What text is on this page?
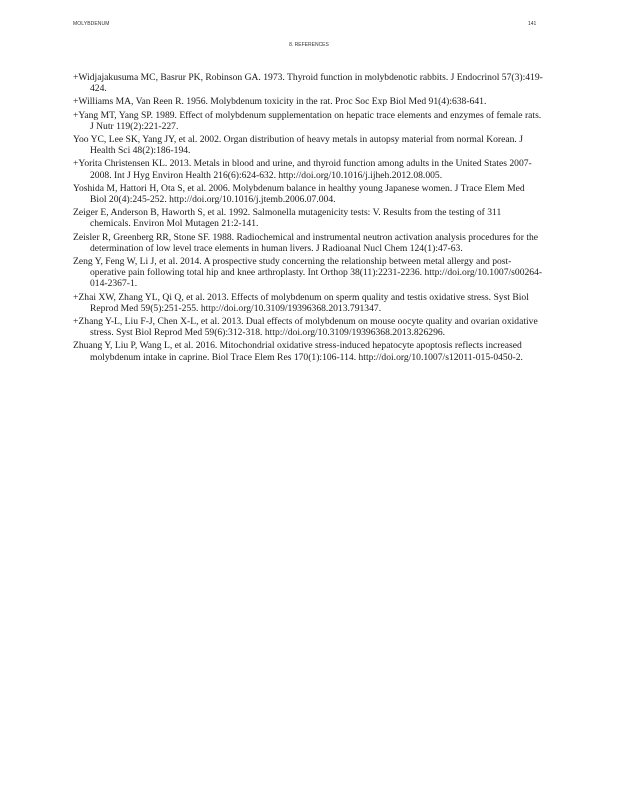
MOLYBDENUM	141
8. REFERENCES
+Widjajakusuma MC, Basrur PK, Robinson GA. 1973. Thyroid function in molybdenotic rabbits. J Endocrinol 57(3):419-424.
+Williams MA, Van Reen R. 1956. Molybdenum toxicity in the rat. Proc Soc Exp Biol Med 91(4):638-641.
+Yang MT, Yang SP. 1989. Effect of molybdenum supplementation on hepatic trace elements and enzymes of female rats. J Nutr 119(2):221-227.
Yoo YC, Lee SK, Yang JY, et al. 2002. Organ distribution of heavy metals in autopsy material from normal Korean. J Health Sci 48(2):186-194.
+Yorita Christensen KL. 2013. Metals in blood and urine, and thyroid function among adults in the United States 2007-2008. Int J Hyg Environ Health 216(6):624-632. http://doi.org/10.1016/j.ijheh.2012.08.005.
Yoshida M, Hattori H, Ota S, et al. 2006. Molybdenum balance in healthy young Japanese women. J Trace Elem Med Biol 20(4):245-252. http://doi.org/10.1016/j.jtemb.2006.07.004.
Zeiger E, Anderson B, Haworth S, et al. 1992. Salmonella mutagenicity tests: V. Results from the testing of 311 chemicals. Environ Mol Mutagen 21:2-141.
Zeisler R, Greenberg RR, Stone SF. 1988. Radiochemical and instrumental neutron activation analysis procedures for the determination of low level trace elements in human livers. J Radioanal Nucl Chem 124(1):47-63.
Zeng Y, Feng W, Li J, et al. 2014. A prospective study concerning the relationship between metal allergy and post-operative pain following total hip and knee arthroplasty. Int Orthop 38(11):2231-2236. http://doi.org/10.1007/s00264-014-2367-1.
+Zhai XW, Zhang YL, Qi Q, et al. 2013. Effects of molybdenum on sperm quality and testis oxidative stress. Syst Biol Reprod Med 59(5):251-255. http://doi.org/10.3109/19396368.2013.791347.
+Zhang Y-L, Liu F-J, Chen X-L, et al. 2013. Dual effects of molybdenum on mouse oocyte quality and ovarian oxidative stress. Syst Biol Reprod Med 59(6):312-318. http://doi.org/10.3109/19396368.2013.826296.
Zhuang Y, Liu P, Wang L, et al. 2016. Mitochondrial oxidative stress-induced hepatocyte apoptosis reflects increased molybdenum intake in caprine. Biol Trace Elem Res 170(1):106-114. http://doi.org/10.1007/s12011-015-0450-2.
